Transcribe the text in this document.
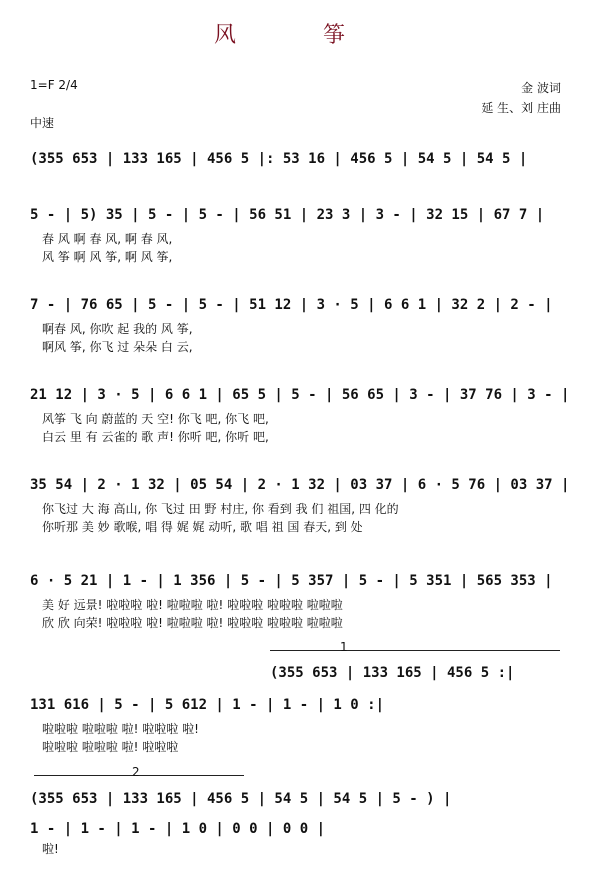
风 筝
1=F 2/4
中速
金 波词
延 生、刘 庄曲
(355 653 | 133 165 | 456 5 |: 53 16 | 456 5 | 54 5 | 54 5 |
5 - | 5) 35 | 5 - | 5 - | 56 51 | 23 3 | 3 - | 32 15 | 67 7 |
春 风 啊 春 风, 啊 春 风,
风 筝 啊 风 筝, 啊 风 筝,
7 - | 76 65 | 5 - | 5 - | 51 12 | 3 · 5 | 6 6 1 | 32 2 | 2 - |
啊春 风, 你吹 起 我的 风 筝,
啊风 筝, 你飞 过 朵朵 白 云,
21 12 | 3 · 5 | 6 6 1 | 65 5 | 5 - | 56 65 | 3 - | 37 76 | 3 - |
风筝 飞 向 蔚蓝的 天 空! 你飞 吧, 你飞 吧,
白云 里 有 云雀的 歌 声! 你听 吧, 你听 吧,
35 54 | 2 · 1 32 | 05 54 | 2 · 1 32 | 03 37 | 6 · 5 76 | 03 37 |
你飞过 大 海 高山, 你 飞过 田 野 村庄, 你 看到 我 们 祖国, 四 化的
你听那 美 妙 歌喉, 唱 得 娓 娓 动听, 歌 唱 祖 国 春天, 到 处
6 · 5 21 | 1 - | 1 356 | 5 - | 5 357 | 5 - | 5 351 | 565 353 |
美 好 远景! 啦啦啦 啦! 啦啦啦 啦! 啦啦啦 啦啦啦 啦啦啦
欣 欣 向荣! 啦啦啦 啦! 啦啦啦 啦! 啦啦啦 啦啦啦 啦啦啦
1
(355 653 | 133 165 | 456 5 :|
131 616 | 5 - | 5 612 | 1 - | 1 - | 1 0 :|
啦啦啦 啦啦啦 啦! 啦啦啦 啦!
啦啦啦 啦啦啦 啦! 啦啦啦
2
(355 653 | 133 165 | 456 5 | 54 5 | 54 5 | 5 - ) |
1 - | 1 - | 1 - | 1 0 | 0 0 | 0 0 |
啦!
